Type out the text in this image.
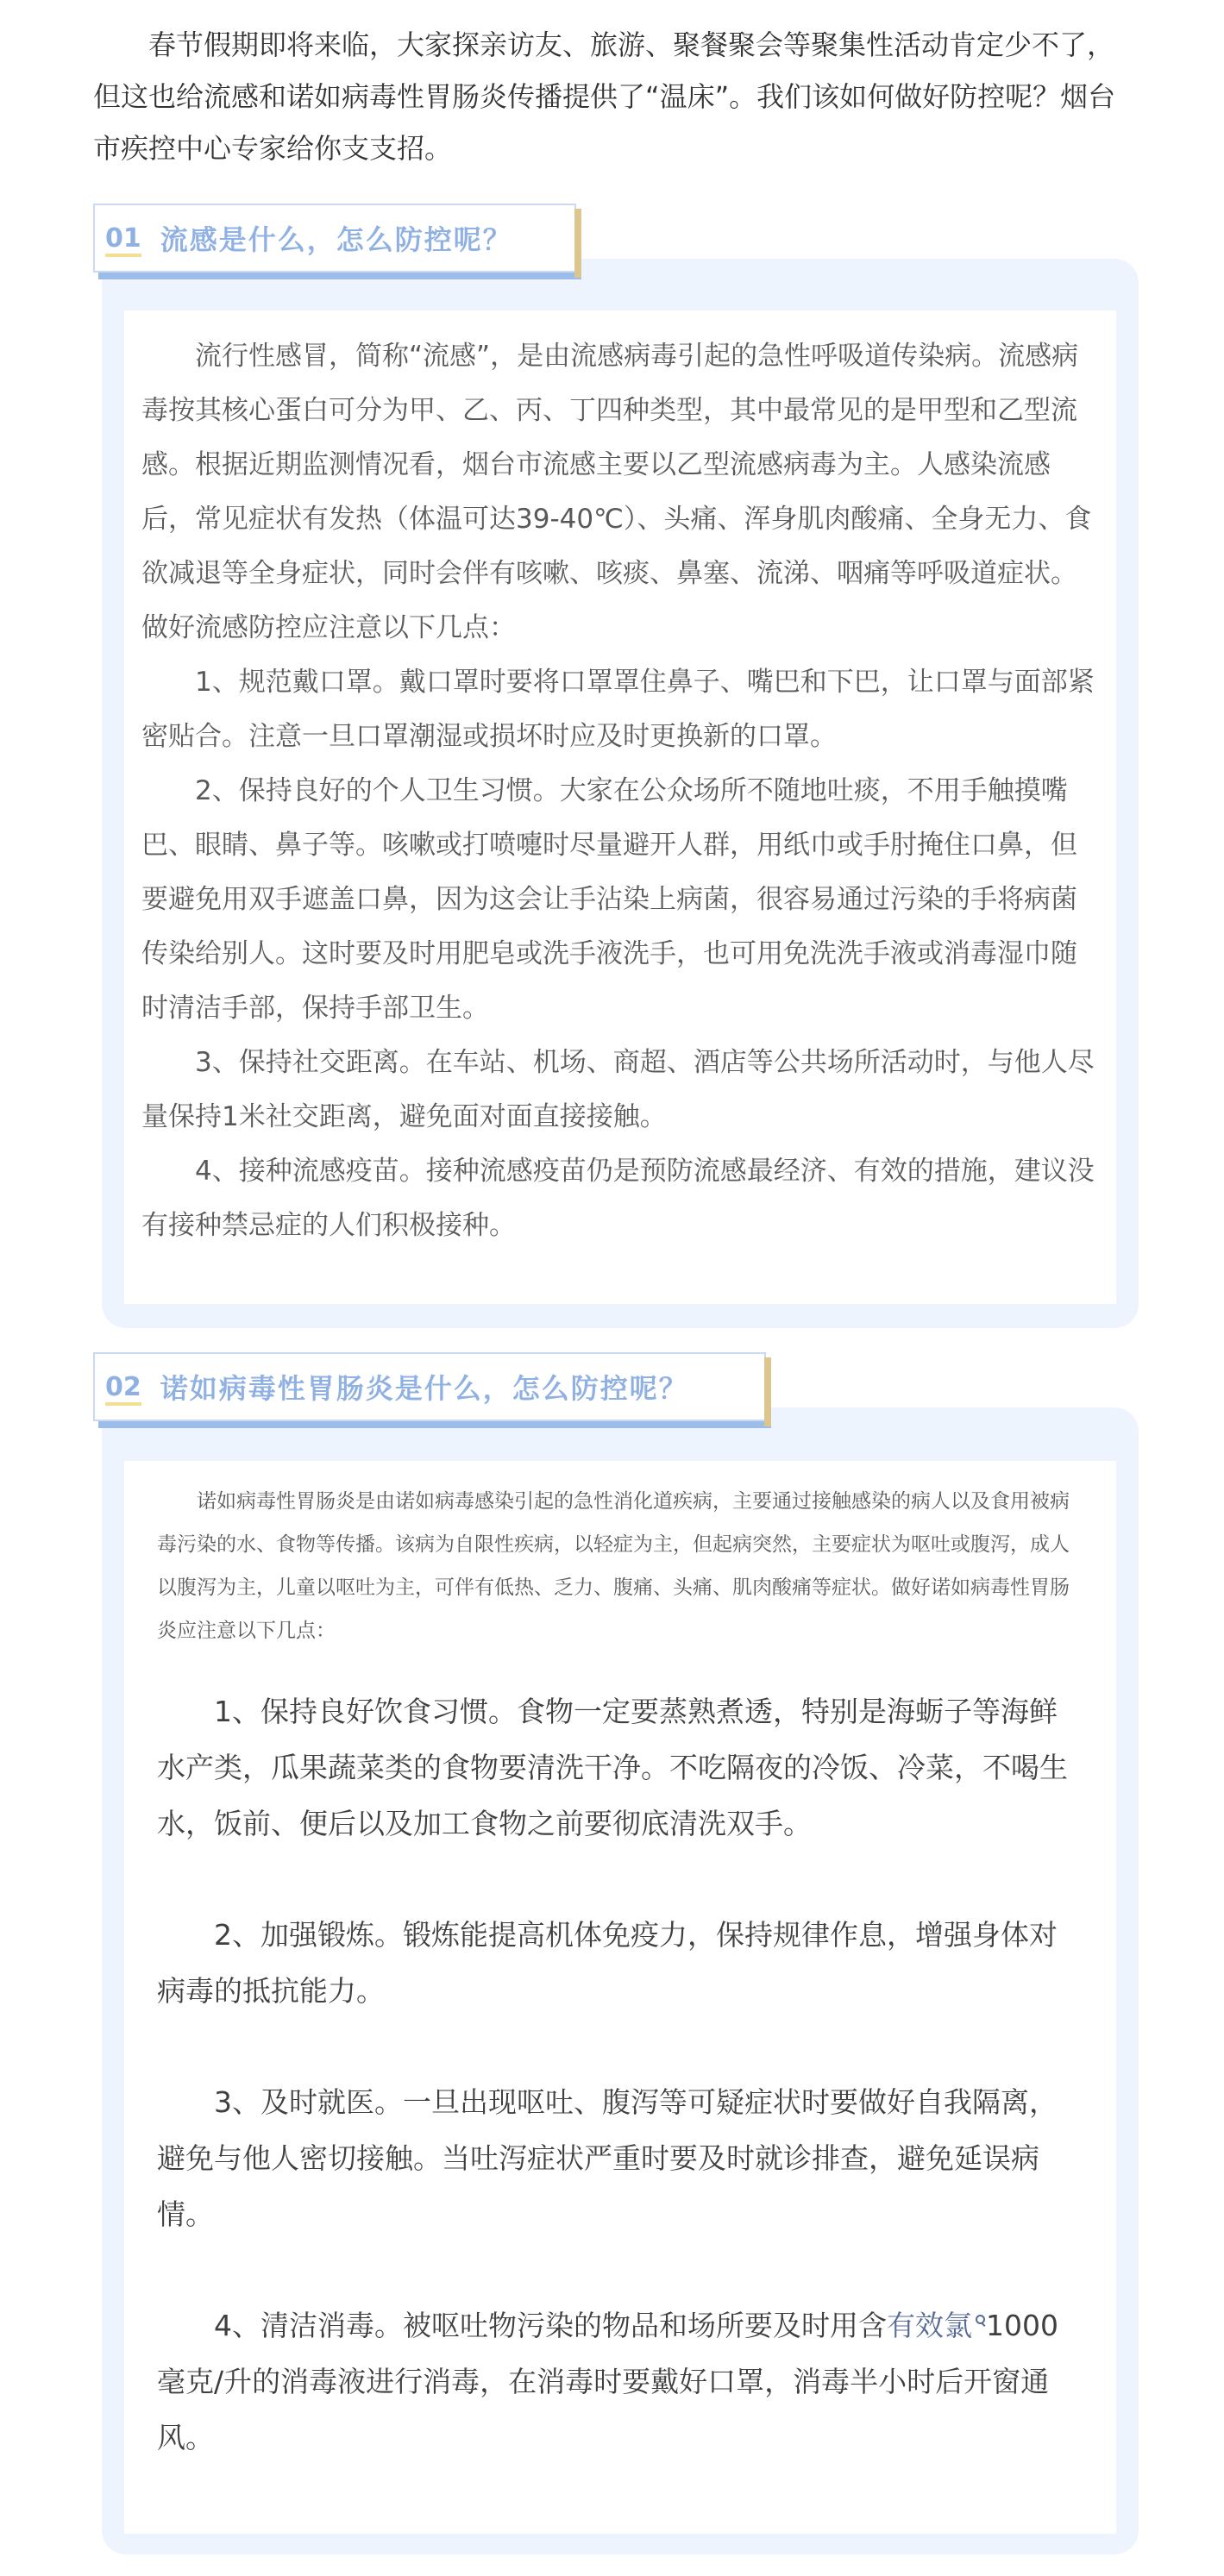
春节假期即将来临，大家探亲访友、旅游、聚餐聚会等聚集性活动肯定少不了，但这也给流感和诺如病毒性胃肠炎传播提供了“温床”。我们该如何做好防控呢？烟台市疾控中心专家给你支支招。

01 流感是什么，怎么防控呢？

流行性感冒，简称“流感”，是由流感病毒引起的急性呼吸道传染病。流感病毒按其核心蛋白可分为甲、乙、丙、丁四种类型，其中最常见的是甲型和乙型流感。根据近期监测情况看，烟台市流感主要以乙型流感病毒为主。人感染流感后，常见症状有发热（体温可达39-40℃）、头痛、浑身肌肉酸痛、全身无力、食欲减退等全身症状，同时会伴有咳嗽、咳痰、鼻塞、流涕、咽痛等呼吸道症状。做好流感防控应注意以下几点：

1、规范戴口罩。戴口罩时要将口罩罩住鼻子、嘴巴和下巴，让口罩与面部紧密贴合。注意一旦口罩潮湿或损坏时应及时更换新的口罩。

2、保持良好的个人卫生习惯。大家在公众场所不随地吐痰，不用手触摸嘴巴、眼睛、鼻子等。咳嗽或打喷嚏时尽量避开人群，用纸巾或手肘掩住口鼻，但要避免用双手遮盖口鼻，因为这会让手沾染上病菌，很容易通过污染的手将病菌传染给别人。这时要及时用肥皂或洗手液洗手，也可用免洗洗手液或消毒湿巾随时清洁手部，保持手部卫生。

3、保持社交距离。在车站、机场、商超、酒店等公共场所活动时，与他人尽量保持1米社交距离，避免面对面直接接触。

4、接种流感疫苗。接种流感疫苗仍是预防流感最经济、有效的措施，建议没有接种禁忌症的人们积极接种。

02 诺如病毒性胃肠炎是什么，怎么防控呢？

诺如病毒性胃肠炎是由诺如病毒感染引起的急性消化道疾病，主要通过接触感染的病人以及食用被病毒污染的水、食物等传播。该病为自限性疾病，以轻症为主，但起病突然，主要症状为呕吐或腹泻，成人以腹泻为主，儿童以呕吐为主，可伴有低热、乏力、腹痛、头痛、肌肉酸痛等症状。做好诺如病毒性胃肠炎应注意以下几点：

1、保持良好饮食习惯。食物一定要蒸熟煮透，特别是海蛎子等海鲜水产类，瓜果蔬菜类的食物要清洗干净。不吃隔夜的冷饭、冷菜，不喝生水，饭前、便后以及加工食物之前要彻底清洗双手。

2、加强锻炼。锻炼能提高机体免疫力，保持规律作息，增强身体对病毒的抵抗能力。

3、及时就医。一旦出现呕吐、腹泻等可疑症状时要做好自我隔离，避免与他人密切接触。当吐泻症状严重时要及时就诊排查，避免延误病情。

4、清洁消毒。被呕吐物污染的物品和场所要及时用含有效氯 1000毫克/升的消毒液进行消毒，在消毒时要戴好口罩，消毒半小时后开窗通风。
